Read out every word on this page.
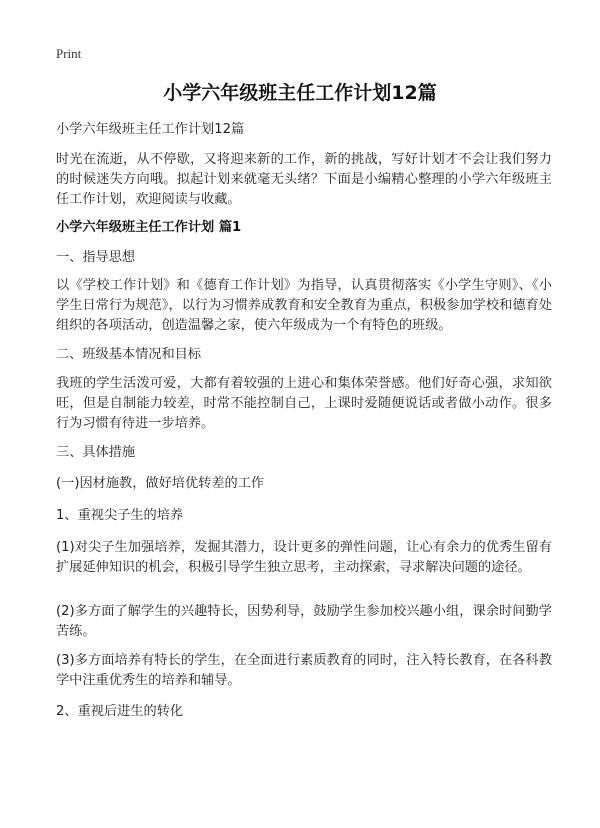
Print
小学六年级班主任工作计划12篇
小学六年级班主任工作计划12篇
时光在流逝，从不停歇，又将迎来新的工作，新的挑战，写好计划才不会让我们努力的时候迷失方向哦。拟起计划来就毫无头绪？下面是小编精心整理的小学六年级班主任工作计划，欢迎阅读与收藏。
小学六年级班主任工作计划 篇1
一、指导思想
以《学校工作计划》和《德育工作计划》为指导，认真贯彻落实《小学生守则》、《小学生日常行为规范》，以行为习惯养成教育和安全教育为重点，积极参加学校和德育处组织的各项活动，创造温馨之家，使六年级成为一个有特色的班级。
二、班级基本情况和目标
我班的学生活泼可爱，大都有着较强的上进心和集体荣誉感。他们好奇心强，求知欲旺，但是自制能力较差，时常不能控制自己，上课时爱随便说话或者做小动作。很多行为习惯有待进一步培养。
三、具体措施
(一)因材施教，做好培优转差的工作
1、重视尖子生的培养
(1)对尖子生加强培养，发掘其潜力，设计更多的弹性问题，让心有余力的优秀生留有扩展延伸知识的机会，积极引导学生独立思考，主动探索，寻求解决问题的途径。
(2)多方面了解学生的兴趣特长，因势利导，鼓励学生参加校兴趣小组，课余时间勤学苦练。
(3)多方面培养有特长的学生，在全面进行素质教育的同时，注入特长教育，在各科教学中注重优秀生的培养和辅导。
2、重视后进生的转化
